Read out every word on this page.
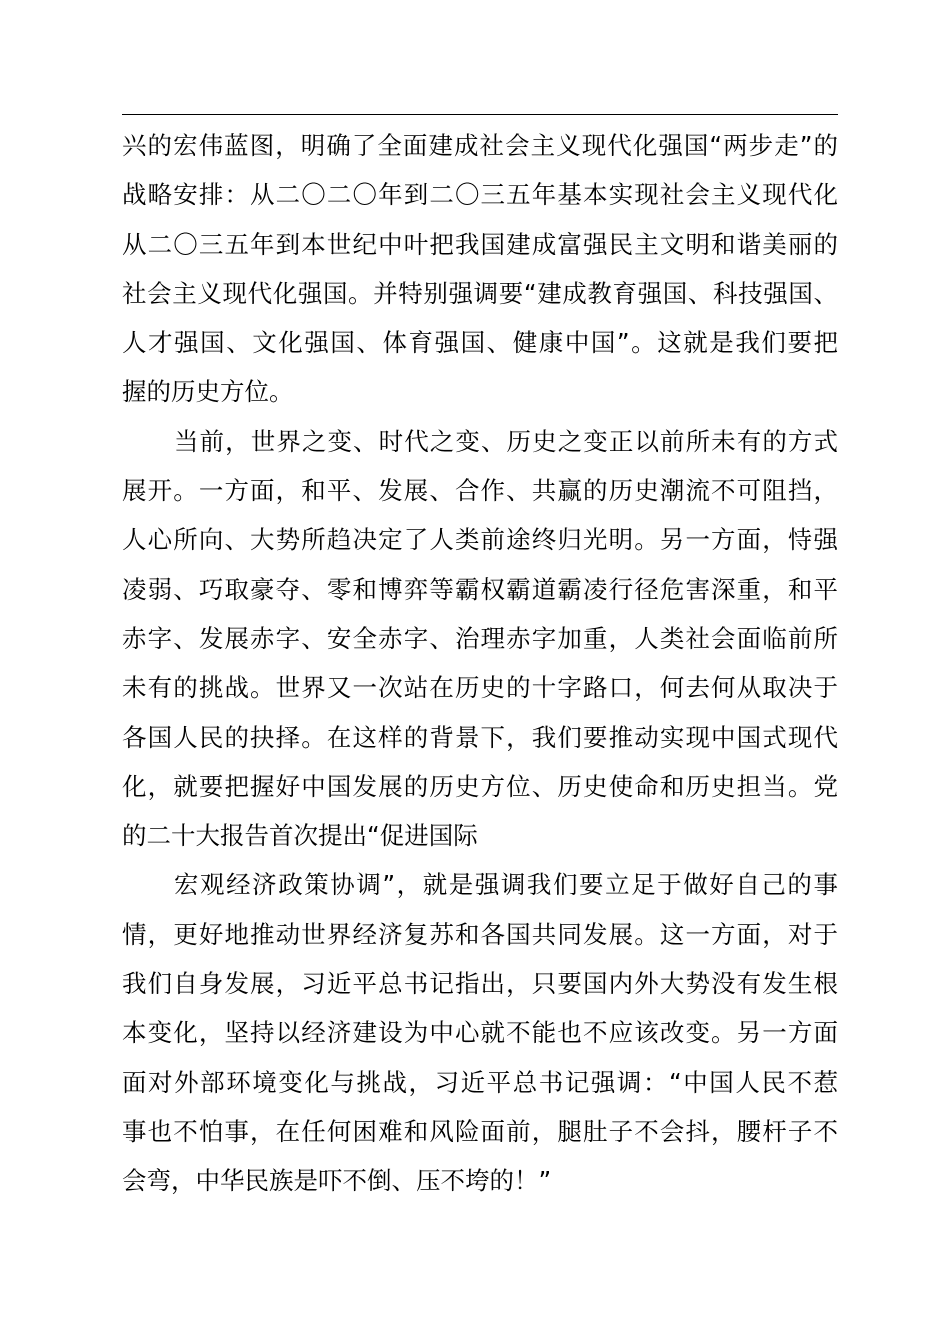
兴的宏伟蓝图，明确了全面建成社会主义现代化强国“两步走”的
战略安排：从二〇二〇年到二〇三五年基本实现社会主义现代化
从二〇三五年到本世纪中叶把我国建成富强民主文明和谐美丽的
社会主义现代化强国。并特别强调要“建成教育强国、科技强国、
人才强国、文化强国、体育强国、健康中国”。这就是我们要把
握的历史方位。
当前，世界之变、时代之变、历史之变正以前所未有的方式
展开。一方面，和平、发展、合作、共赢的历史潮流不可阻挡，
人心所向、大势所趋决定了人类前途终归光明。另一方面，恃强
凌弱、巧取豪夺、零和博弈等霸权霸道霸凌行径危害深重，和平
赤字、发展赤字、安全赤字、治理赤字加重，人类社会面临前所
未有的挑战。世界又一次站在历史的十字路口，何去何从取决于
各国人民的抉择。在这样的背景下，我们要推动实现中国式现代
化，就要把握好中国发展的历史方位、历史使命和历史担当。党
的二十大报告首次提出“促进国际
宏观经济政策协调”，就是强调我们要立足于做好自己的事
情，更好地推动世界经济复苏和各国共同发展。这一方面，对于
我们自身发展，习近平总书记指出，只要国内外大势没有发生根
本变化，坚持以经济建设为中心就不能也不应该改变。另一方面
面对外部环境变化与挑战，习近平总书记强调：“中国人民不惹
事也不怕事，在任何困难和风险面前，腿肚子不会抖，腰杆子不
会弯，中华民族是吓不倒、压不垮的！”
